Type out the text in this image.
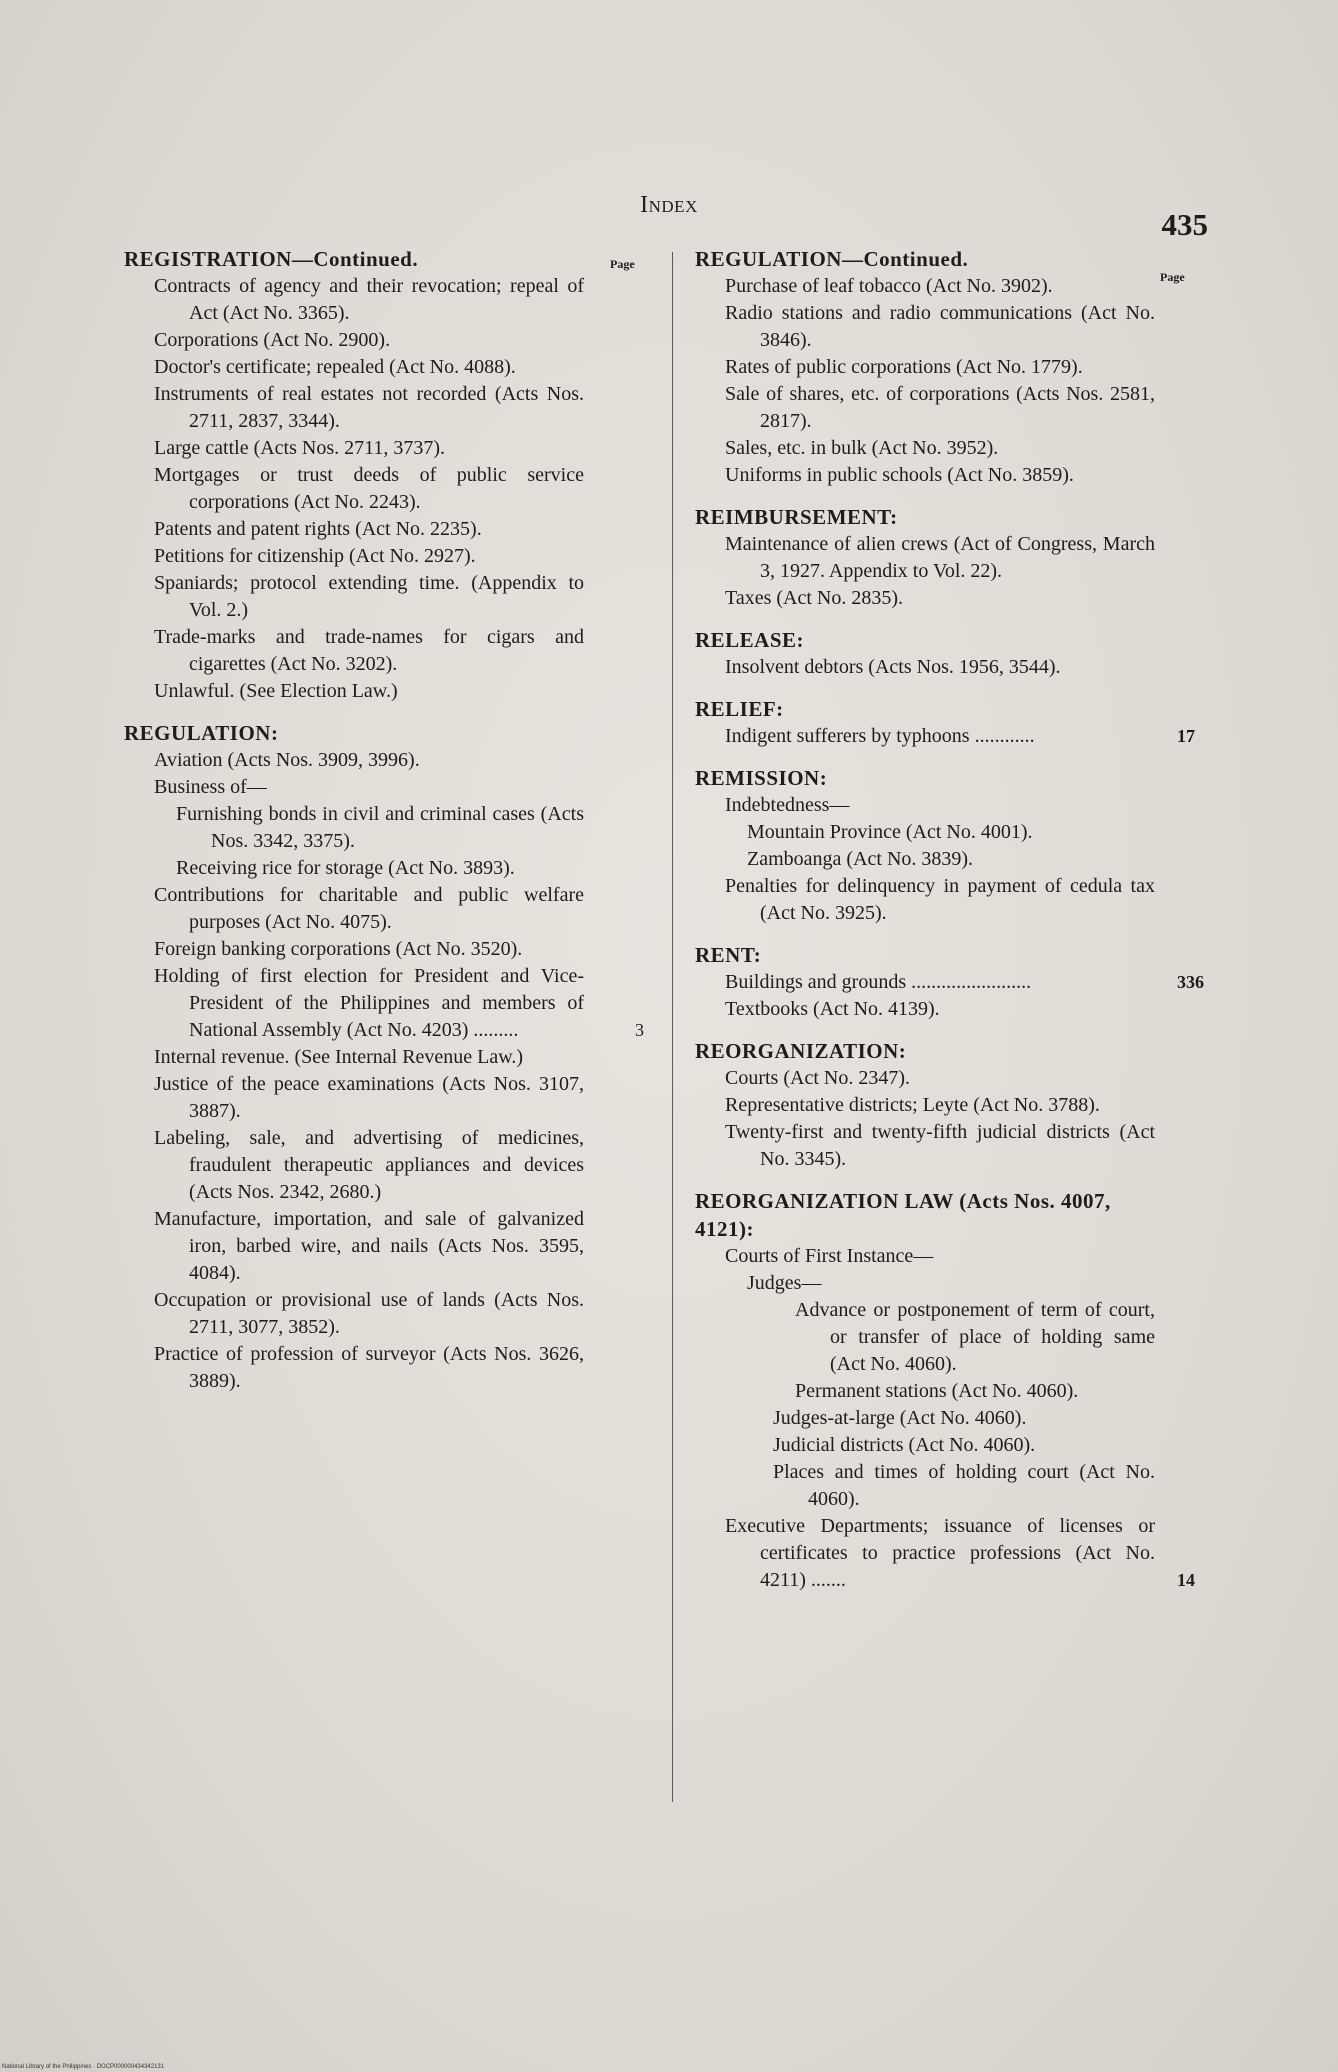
Index
435
Page
Page
REGISTRATION—Continued.
Contracts of agency and their revocation; repeal of Act (Act No. 3365).
Corporations (Act No. 2900).
Doctor's certificate; repealed (Act No. 4088).
Instruments of real estates not recorded (Acts Nos. 2711, 2837, 3344).
Large cattle (Acts Nos. 2711, 3737).
Mortgages or trust deeds of public service corporations (Act No. 2243).
Patents and patent rights (Act No. 2235).
Petitions for citizenship (Act No. 2927).
Spaniards; protocol extending time. (Appendix to Vol. 2.)
Trade-marks and trade-names for cigars and cigarettes (Act No. 3202).
Unlawful. (See Election Law.)
REGULATION:
Aviation (Acts Nos. 3909, 3996).
Business of—
Furnishing bonds in civil and criminal cases (Acts Nos. 3342, 3375).
Receiving rice for storage (Act No. 3893).
Contributions for charitable and public welfare purposes (Act No. 4075).
Foreign banking corporations (Act No. 3520).
Holding of first election for President and Vice-President of the Philippines and members of National Assembly (Act No. 4203) .........	3
Internal revenue. (See Internal Revenue Law.)
Justice of the peace examinations (Acts Nos. 3107, 3887).
Labeling, sale, and advertising of medicines, fraudulent therapeutic appliances and devices (Acts Nos. 2342, 2680.)
Manufacture, importation, and sale of galvanized iron, barbed wire, and nails (Acts Nos. 3595, 4084).
Occupation or provisional use of lands (Acts Nos. 2711, 3077, 3852).
Practice of profession of surveyor (Acts Nos. 3626, 3889).
REGULATION—Continued.
Purchase of leaf tobacco (Act No. 3902).
Radio stations and radio communications (Act No. 3846).
Rates of public corporations (Act No. 1779).
Sale of shares, etc. of corporations (Acts Nos. 2581, 2817).
Sales, etc. in bulk (Act No. 3952).
Uniforms in public schools (Act No. 3859).
REIMBURSEMENT:
Maintenance of alien crews (Act of Congress, March 3, 1927. Appendix to Vol. 22).
Taxes (Act No. 2835).
RELEASE:
Insolvent debtors (Acts Nos. 1956, 3544).
RELIEF:
Indigent sufferers by typhoons ............	17
REMISSION:
Indebtedness—
Mountain Province (Act No. 4001).
Zamboanga (Act No. 3839).
Penalties for delinquency in payment of cedula tax (Act No. 3925).
RENT:
Buildings and grounds ........................	336
Textbooks (Act No. 4139).
REORGANIZATION:
Courts (Act No. 2347).
Representative districts; Leyte (Act No. 3788).
Twenty-first and twenty-fifth judicial districts (Act No. 3345).
REORGANIZATION LAW (Acts Nos. 4007, 4121):
Courts of First Instance—
Judges—
Advance or postponement of term of court, or transfer of place of holding same (Act No. 4060).
Permanent stations (Act No. 4060).
Judges-at-large (Act No. 4060).
Judicial districts (Act No. 4060).
Places and times of holding court (Act No. 4060).
Executive Departments; issuance of licenses or certificates to practice professions (Act No. 4211) .......	14
National Library of the Philippines · DOCP000000434342131
